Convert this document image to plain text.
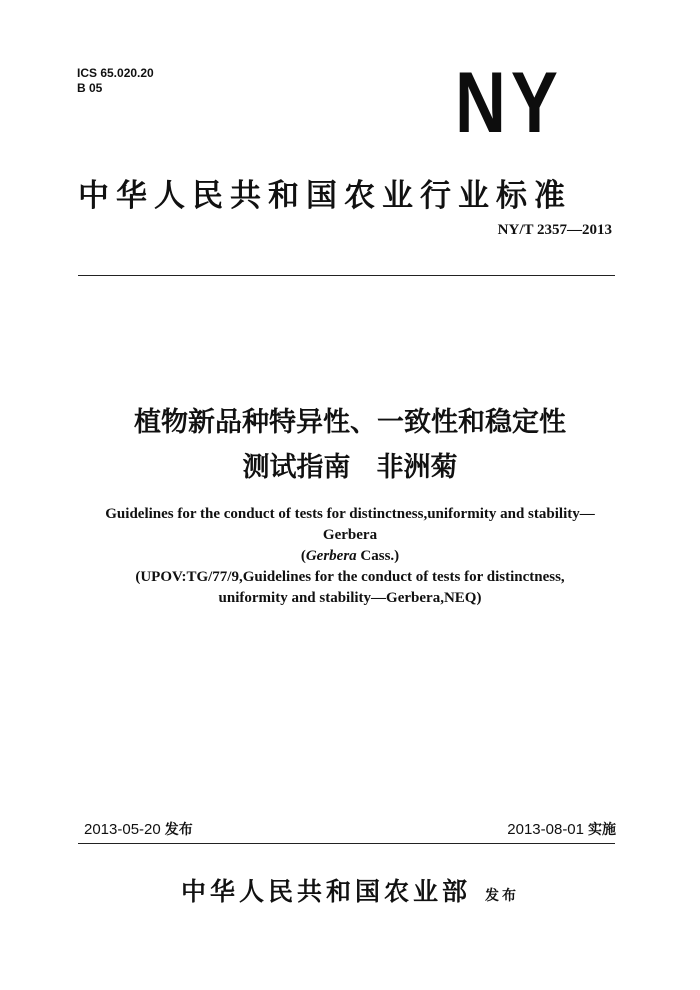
ICS 65.020.20
B 05	NY
中华人民共和国农业行业标准
NY/T 2357—2013
植物新品种特异性、一致性和稳定性
测试指南 非洲菊
Guidelines for the conduct of tests for distinctness,uniformity and stability—
Gerbera
(Gerbera Cass.)
(UPOV:TG/77/9,Guidelines for the conduct of tests for distinctness,
uniformity and stability—Gerbera,NEQ)
2013-05-20 发布	2013-08-01 实施
中华人民共和国农业部 发布
